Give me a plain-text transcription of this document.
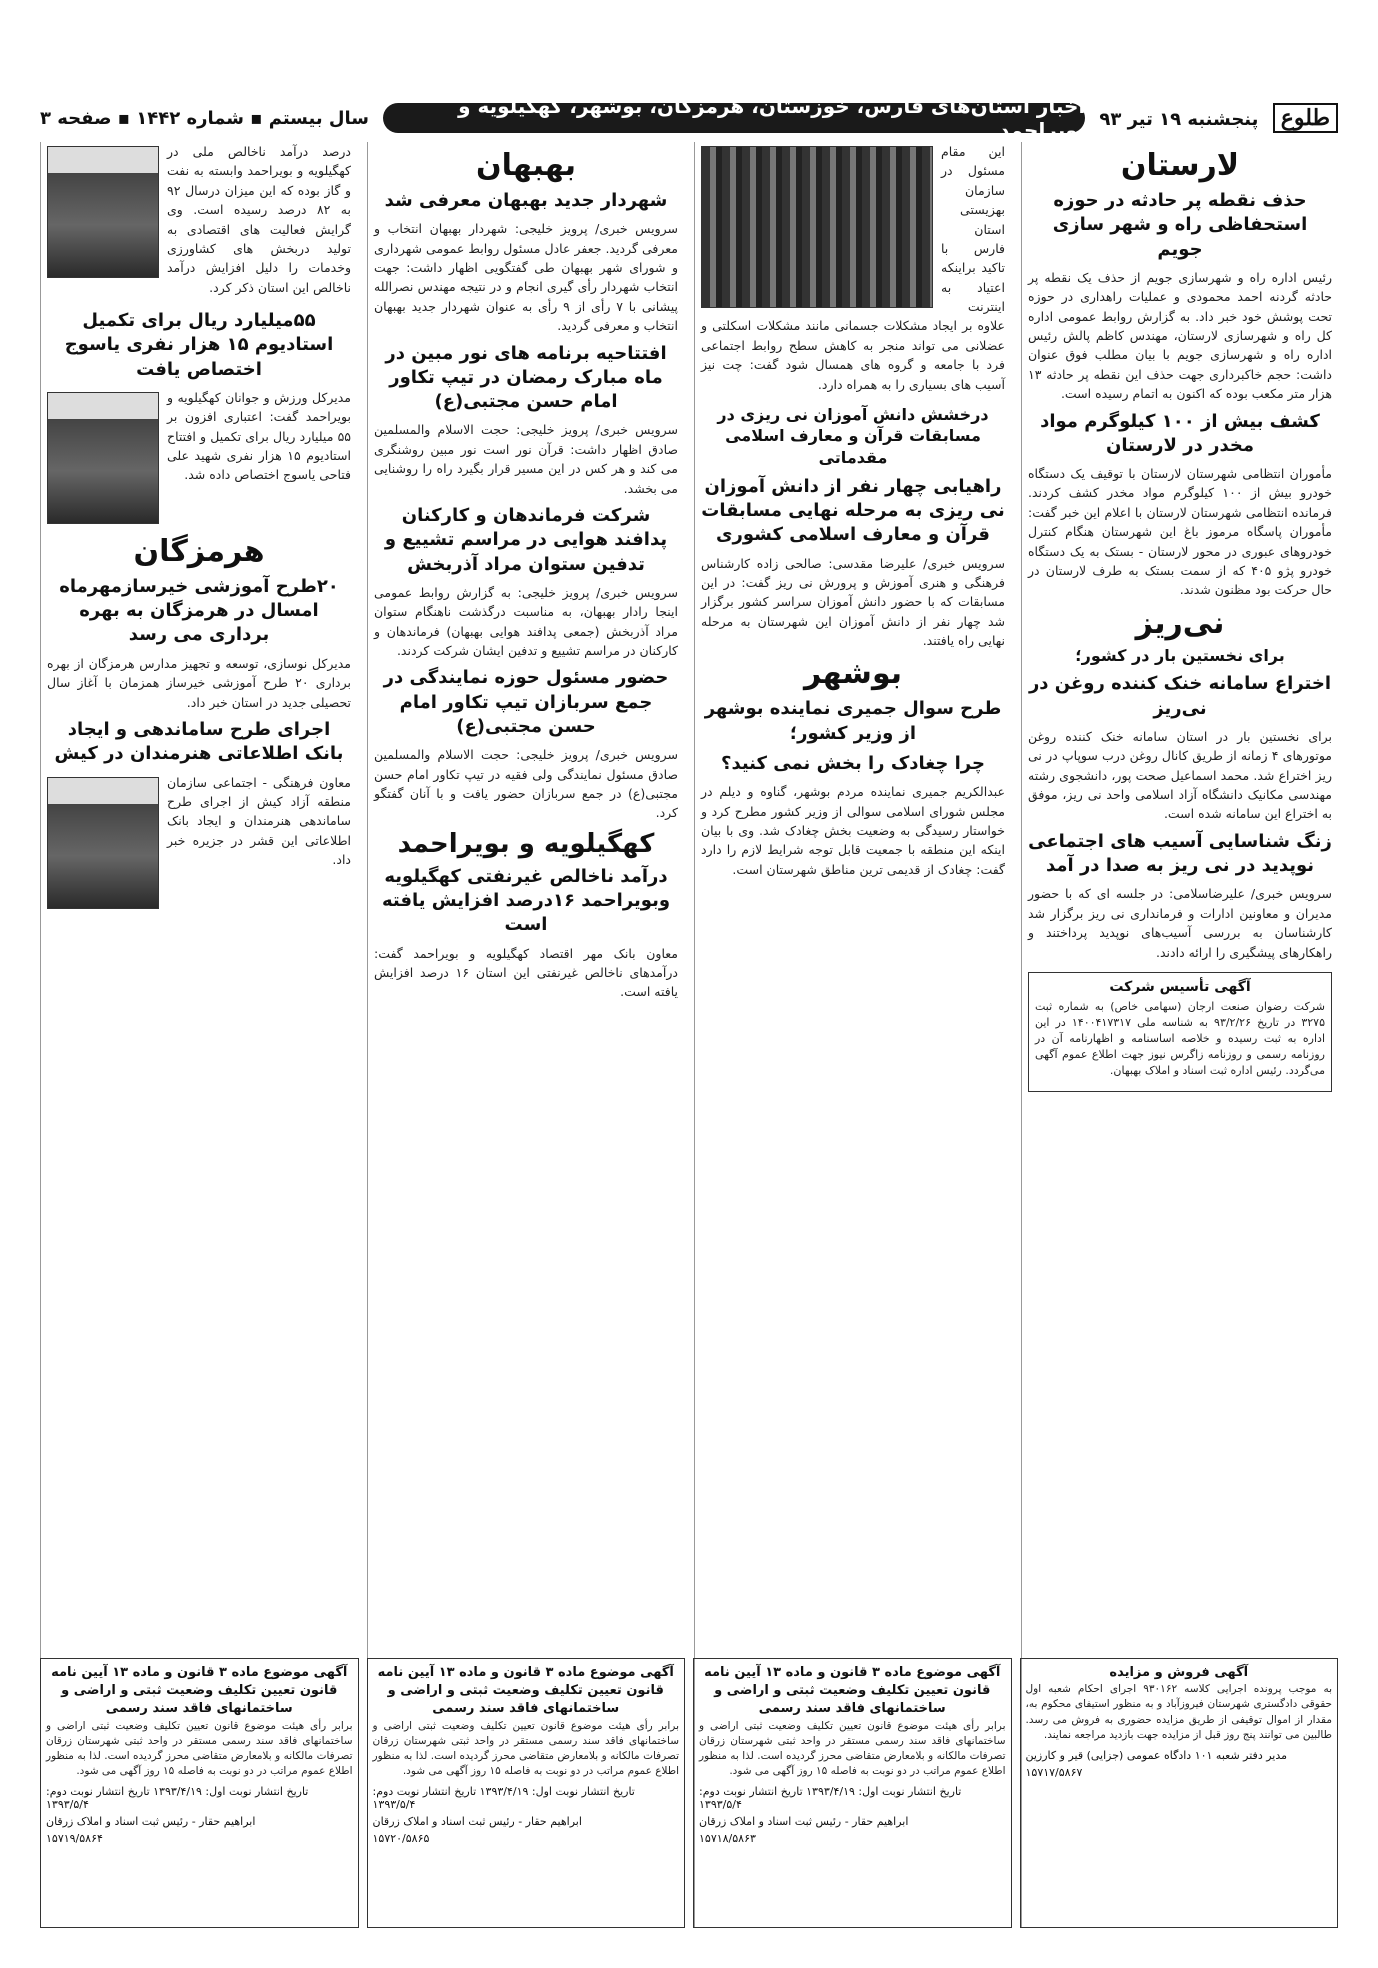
طلوع پنجشنبه ۱۹ تیر ۹۳
اخبار استان‌های فارس، خوزستان، هرمزگان، بوشهر، کهگیلویه و بویراحمد
سال بیستم ▪ شماره ۱۴۴۲ ▪ صفحه ۳
لارستان
حذف نقطه پر حادثه در حوزه استحفاظی راه و شهر سازی جویم

رئیس اداره راه و شهرسازی جویم از حذف یک نقطه پر حادثه گردنه احمد محمودی و عملیات راهداری در حوزه تحت پوشش خود خبر داد. به گزارش روابط عمومی اداره کل راه و شهرسازی لارستان، مهندس کاظم پالش رئیس اداره راه و شهرسازی جویم با بیان مطلب فوق عنوان داشت: حجم خاکبرداری جهت حذف این نقطه پر حادثه ۱۳ هزار متر مکعب بوده که اکنون به اتمام رسیده است.

کشف بیش از ۱۰۰ کیلوگرم مواد مخدر در لارستان

مأموران انتظامی شهرستان لارستان با توقیف یک دستگاه خودرو بیش از ۱۰۰ کیلوگرم مواد مخدر کشف کردند. فرمانده انتظامی شهرستان لارستان با اعلام این خبر گفت: مأموران پاسگاه مرموز باغ این شهرستان هنگام کنترل خودروهای عبوری در محور لارستان - بستک به یک دستگاه خودرو پژو ۴۰۵ که از سمت بستک به طرف لارستان در حال حرکت بود مظنون شدند.

نی‌ریز
برای نخستین بار در کشور؛
اختراع سامانه خنک کننده روغن در نی‌ریز

برای نخستین بار در استان سامانه خنک کننده روغن موتورهای ۴ زمانه از طریق کانال روغن درب سوپاپ در نی ریز اختراع شد. محمد اسماعیل صحت پور، دانشجوی رشته مهندسی مکانیک دانشگاه آزاد اسلامی واحد نی ریز، موفق به اختراع این سامانه شده است.

زنگ شناسایی آسیب های اجتماعی نوپدید در نی ریز به صدا در آمد

سرویس خبری/ علیرضاسلامی: در جلسه ای که با حضور مدیران و معاونین ادارات و فرمانداری نی ریز برگزار شد کارشناسان به بررسی آسیب‌های نوپدید پرداختند و راهکارهای پیشگیری را ارائه دادند.

آگهی تأسیس شرکت

شرکت رضوان صنعت ارجان (سهامی خاص) به شماره ثبت ۳۲۷۵ در تاریخ ۹۳/۲/۲۶ به شناسه ملی ۱۴۰۰۴۱۷۳۱۷ در این اداره به ثبت رسیده و خلاصه اساسنامه و اظهارنامه آن در روزنامه رسمی و روزنامه زاگرس نیوز جهت اطلاع عموم آگهی می‌گردد. رئیس اداره ثبت اسناد و املاک بهبهان.

این مقام مسئول در سازمان بهزیستی استان فارس با تاکید براینکه اعتیاد به اینترنت علاوه بر ایجاد مشکلات جسمانی مانند مشکلات اسکلتی و عضلانی می تواند منجر به کاهش سطح روابط اجتماعی فرد با جامعه و گروه های همسال شود گفت: چت نیز آسیب های بسیاری را به همراه دارد.

درخشش دانش آموزان نی ریزی در مسابقات قرآن و معارف اسلامی مقدماتی
راهیابی چهار نفر از دانش آموزان نی ریزی به مرحله نهایی مسابقات قرآن و معارف اسلامی کشوری

سرویس خبری/ علیرضا مقدسی: صالحی زاده کارشناس فرهنگی و هنری آموزش و پرورش نی ریز گفت: در این مسابقات که با حضور دانش آموزان سراسر کشور برگزار شد چهار نفر از دانش آموزان این شهرستان به مرحله نهایی راه یافتند.

بوشهر
طرح سوال جمیری نماینده بوشهر از وزیر کشور؛
چرا چغادک را بخش نمی کنید؟

عبدالکریم جمیری نماینده مردم بوشهر، گناوه و دیلم در مجلس شورای اسلامی سوالی از وزیر کشور مطرح کرد و خواستار رسیدگی به وضعیت بخش چغادک شد. وی با بیان اینکه این منطقه با جمعیت قابل توجه شرایط لازم را دارد گفت: چغادک از قدیمی ترین مناطق شهرستان است.

بهبهان
شهردار جدید بهبهان معرفی شد

سرویس خبری/ پرویز خلیجی: شهردار بهبهان انتخاب و معرفی گردید. جعفر عادل مسئول روابط عمومی شهرداری و شورای شهر بهبهان طی گفتگویی اظهار داشت: جهت انتخاب شهردار رأی گیری انجام و در نتیجه مهندس نصرالله پیشانی با ۷ رأی از ۹ رأی به عنوان شهردار جدید بهبهان انتخاب و معرفی گردید.

افتتاحیه برنامه های نور مبین در ماه مبارک رمضان در تیپ تکاور امام حسن مجتبی(ع)

سرویس خبری/ پرویز خلیجی: حجت الاسلام والمسلمین صادق اظهار داشت: قرآن نور است نور مبین روشنگری می کند و هر کس در این مسیر قرار بگیرد راه را روشنایی می بخشد.

شرکت فرماندهان و کارکنان پدافند هوایی در مراسم تشییع و تدفین ستوان مراد آذربخش

سرویس خبری/ پرویز خلیجی: به گزارش روابط عمومی اینجا رادار بهبهان، به مناسبت درگذشت ناهنگام ستوان مراد آذربخش (جمعی پدافند هوایی بهبهان) فرماندهان و کارکنان در مراسم تشییع و تدفین ایشان شرکت کردند.

حضور مسئول حوزه نمایندگی در جمع سربازان تیپ تکاور امام حسن مجتبی(ع)

سرویس خبری/ پرویز خلیجی: حجت الاسلام والمسلمین صادق مسئول نمایندگی ولی فقیه در تیپ تکاور امام حسن مجتبی(ع) در جمع سربازان حضور یافت و با آنان گفتگو کرد.

کهگیلویه و بویراحمد
درآمد ناخالص غیرنفتی کهگیلویه وبویراحمد ۱۶درصد افزایش یافته است

معاون بانک مهر اقتصاد کهگیلویه و بویراحمد گفت: درآمدهای ناخالص غیرنفتی این استان ۱۶ درصد افزایش یافته است.

درصد درآمد ناخالص ملی در کهگیلویه و بویراحمد وابسته به نفت و گاز بوده که این میزان درسال ۹۲ به ۸۲ درصد رسیده است. وی گرایش فعالیت های اقتصادی به تولید دربخش های کشاورزی وخدمات را دلیل افزایش درآمد ناخالص این استان ذکر کرد.

۵۵میلیارد ریال برای تکمیل استادیوم ۱۵ هزار نفری یاسوج اختصاص یافت

مدیرکل ورزش و جوانان کهگیلویه و بویراحمد گفت: اعتباری افزون بر ۵۵ میلیارد ریال برای تکمیل و افتتاح استادیوم ۱۵ هزار نفری شهید علی فتاحی یاسوج اختصاص داده شد.

هرمزگان
۲۰طرح آموزشی خیرسازمهرماه امسال در هرمزگان به بهره برداری می رسد

مدیرکل نوسازی، توسعه و تجهیز مدارس هرمزگان از بهره برداری ۲۰ طرح آموزشی خیرساز همزمان با آغاز سال تحصیلی جدید در استان خبر داد.

اجرای طرح ساماندهی و ایجاد بانک اطلاعاتی هنرمندان در کیش

معاون فرهنگی - اجتماعی سازمان منطقه آزاد کیش از اجرای طرح ساماندهی هنرمندان و ایجاد بانک اطلاعاتی این قشر در جزیره خبر داد.

آگهی فروش و مزایده

به موجب پرونده اجرایی کلاسه ۹۳۰۱۶۲ اجرای احکام شعبه اول حقوقی دادگستری شهرستان فیروزآباد و به منظور استیفای محکوم به، مقدار از اموال توقیفی از طریق مزایده حضوری به فروش می رسد. طالبین می توانند پنج روز قبل از مزایده جهت بازدید مراجعه نمایند.

مدیر دفتر شعبه ۱۰۱ دادگاه عمومی (جزایی) قیر و کارزین
۱۵۷۱۷/۵۸۶۷
آگهی موضوع ماده ۳ قانون و ماده ۱۳ آیین نامه قانون تعیین تکلیف وضعیت ثبتی و اراضی و ساختمانهای فاقد سند رسمی

برابر رأی هیئت موضوع قانون تعیین تکلیف وضعیت ثبتی اراضی و ساختمانهای فاقد سند رسمی مستقر در واحد ثبتی شهرستان زرقان تصرفات مالکانه و بلامعارض متقاضی محرز گردیده است. لذا به منظور اطلاع عموم مراتب در دو نوبت به فاصله ۱۵ روز آگهی می شود.

تاریخ انتشار نوبت اول: ۱۳۹۳/۴/۱۹ تاریخ انتشار نوبت دوم: ۱۳۹۳/۵/۴
ابراهیم حقار - رئیس ثبت اسناد و املاک زرقان
۱۵۷۱۸/۵۸۶۳
آگهی موضوع ماده ۳ قانون و ماده ۱۳ آیین نامه قانون تعیین تکلیف وضعیت ثبتی و اراضی و ساختمانهای فاقد سند رسمی

برابر رأی هیئت موضوع قانون تعیین تکلیف وضعیت ثبتی اراضی و ساختمانهای فاقد سند رسمی مستقر در واحد ثبتی شهرستان زرقان تصرفات مالکانه و بلامعارض متقاضی محرز گردیده است. لذا به منظور اطلاع عموم مراتب در دو نوبت به فاصله ۱۵ روز آگهی می شود.

تاریخ انتشار نوبت اول: ۱۳۹۳/۴/۱۹ تاریخ انتشار نوبت دوم: ۱۳۹۳/۵/۴
ابراهیم حقار - رئیس ثبت اسناد و املاک زرقان
۱۵۷۲۰/۵۸۶۵
آگهی موضوع ماده ۳ قانون و ماده ۱۳ آیین نامه قانون تعیین تکلیف وضعیت ثبتی و اراضی و ساختمانهای فاقد سند رسمی

برابر رأی هیئت موضوع قانون تعیین تکلیف وضعیت ثبتی اراضی و ساختمانهای فاقد سند رسمی مستقر در واحد ثبتی شهرستان زرقان تصرفات مالکانه و بلامعارض متقاضی محرز گردیده است. لذا به منظور اطلاع عموم مراتب در دو نوبت به فاصله ۱۵ روز آگهی می شود.

تاریخ انتشار نوبت اول: ۱۳۹۳/۴/۱۹ تاریخ انتشار نوبت دوم: ۱۳۹۳/۵/۴
ابراهیم حقار - رئیس ثبت اسناد و املاک زرقان
۱۵۷۱۹/۵۸۶۴
